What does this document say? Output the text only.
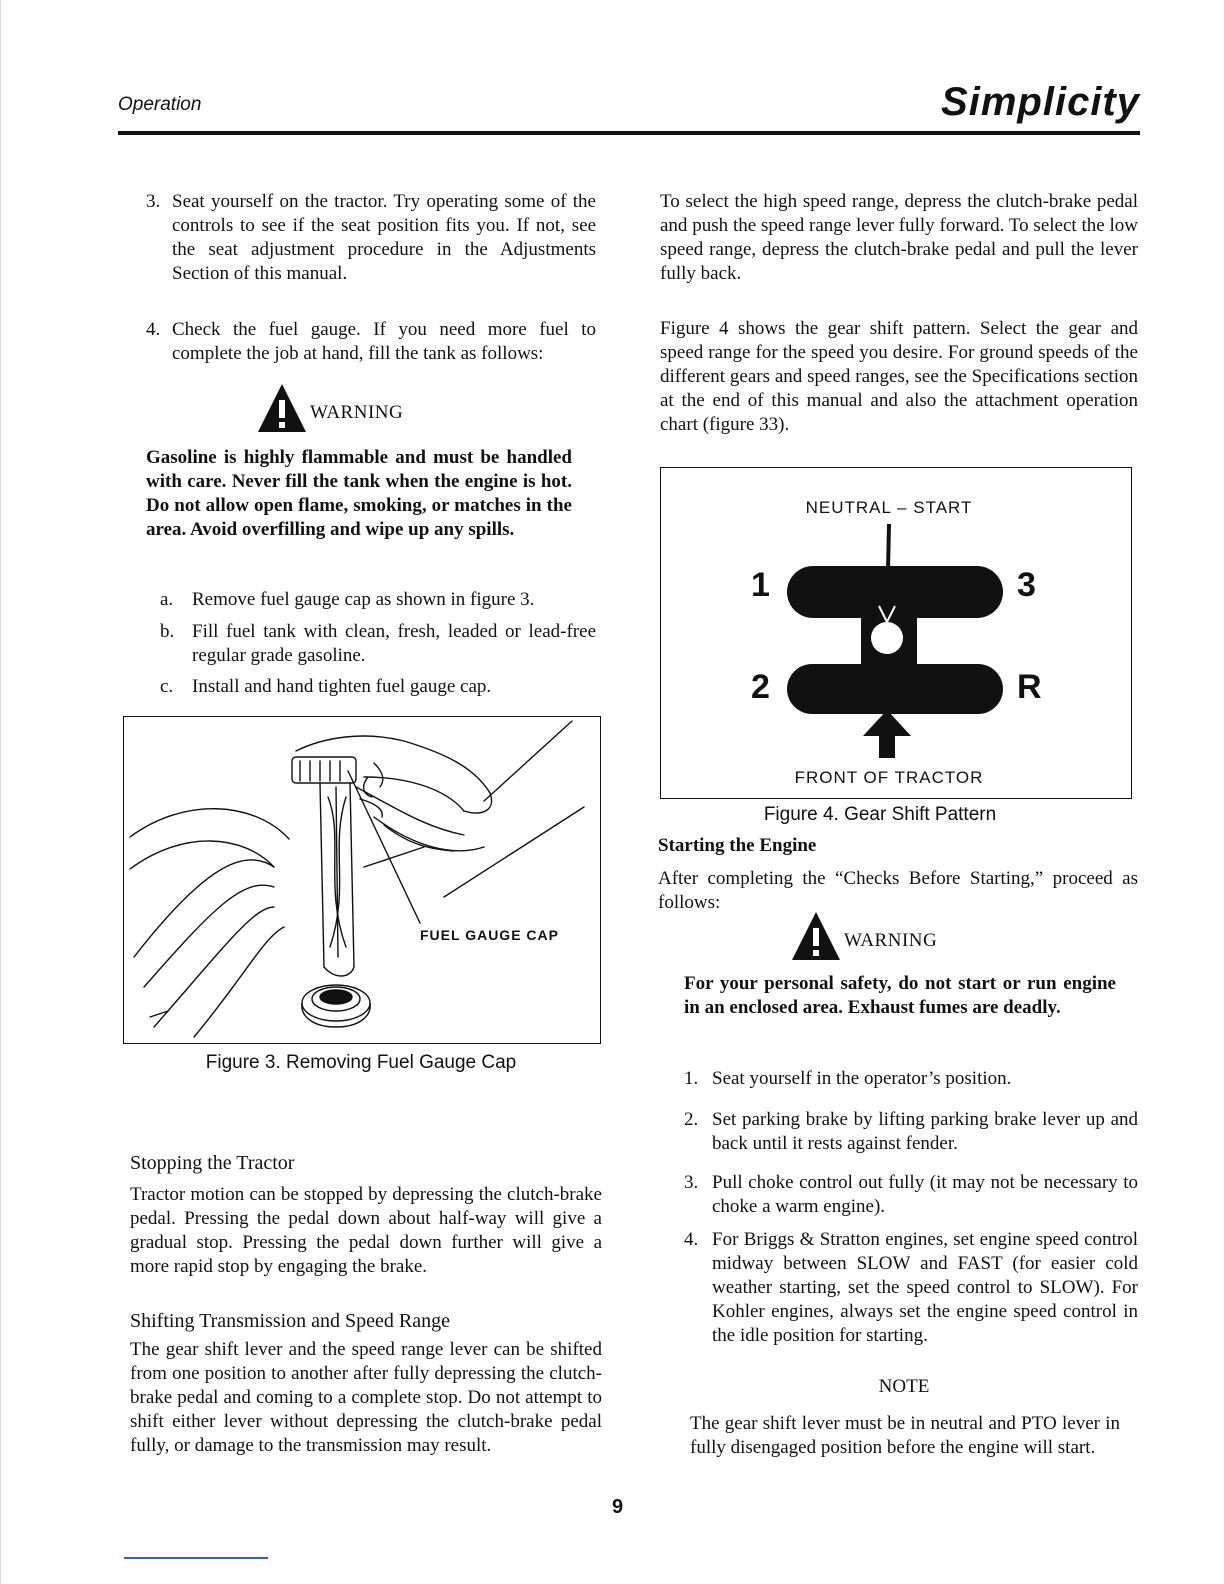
Operation	Simplicity
3. Seat yourself on the tractor. Try operating some of the controls to see if the seat position fits you. If not, see the seat adjustment procedure in the Adjustments Section of this manual.
4. Check the fuel gauge. If you need more fuel to complete the job at hand, fill the tank as follows:
WARNING
Gasoline is highly flammable and must be handled with care. Never fill the tank when the engine is hot. Do not allow open flame, smoking, or matches in the area. Avoid overfilling and wipe up any spills.
a. Remove fuel gauge cap as shown in figure 3.
b. Fill fuel tank with clean, fresh, leaded or lead-free regular grade gasoline.
c. Install and hand tighten fuel gauge cap.
FUEL GAUGE CAP
Figure 3. Removing Fuel Gauge Cap
Stopping the Tractor
Tractor motion can be stopped by depressing the clutch-brake pedal. Pressing the pedal down about half-way will give a gradual stop. Pressing the pedal down further will give a more rapid stop by engaging the brake.
Shifting Transmission and Speed Range
The gear shift lever and the speed range lever can be shifted from one position to another after fully depressing the clutch-brake pedal and coming to a complete stop. Do not attempt to shift either lever without depressing the clutch-brake pedal fully, or damage to the transmission may result.
To select the high speed range, depress the clutch-brake pedal and push the speed range lever fully forward. To select the low speed range, depress the clutch-brake pedal and pull the lever fully back.
Figure 4 shows the gear shift pattern. Select the gear and speed range for the speed you desire. For ground speeds of the different gears and speed ranges, see the Specifications section at the end of this manual and also the attachment operation chart (figure 33).
NEUTRAL – START
1
2
3
R
FRONT OF TRACTOR
Figure 4. Gear Shift Pattern
Starting the Engine
After completing the “Checks Before Starting,” proceed as follows:
WARNING
For your personal safety, do not start or run engine in an enclosed area. Exhaust fumes are deadly.
1. Seat yourself in the operator’s position.
2. Set parking brake by lifting parking brake lever up and back until it rests against fender.
3. Pull choke control out fully (it may not be necessary to choke a warm engine).
4. For Briggs & Stratton engines, set engine speed control midway between SLOW and FAST (for easier cold weather starting, set the speed control to SLOW). For Kohler engines, always set the engine speed control in the idle position for starting.
NOTE
The gear shift lever must be in neutral and PTO lever in fully disengaged position before the engine will start.
9
